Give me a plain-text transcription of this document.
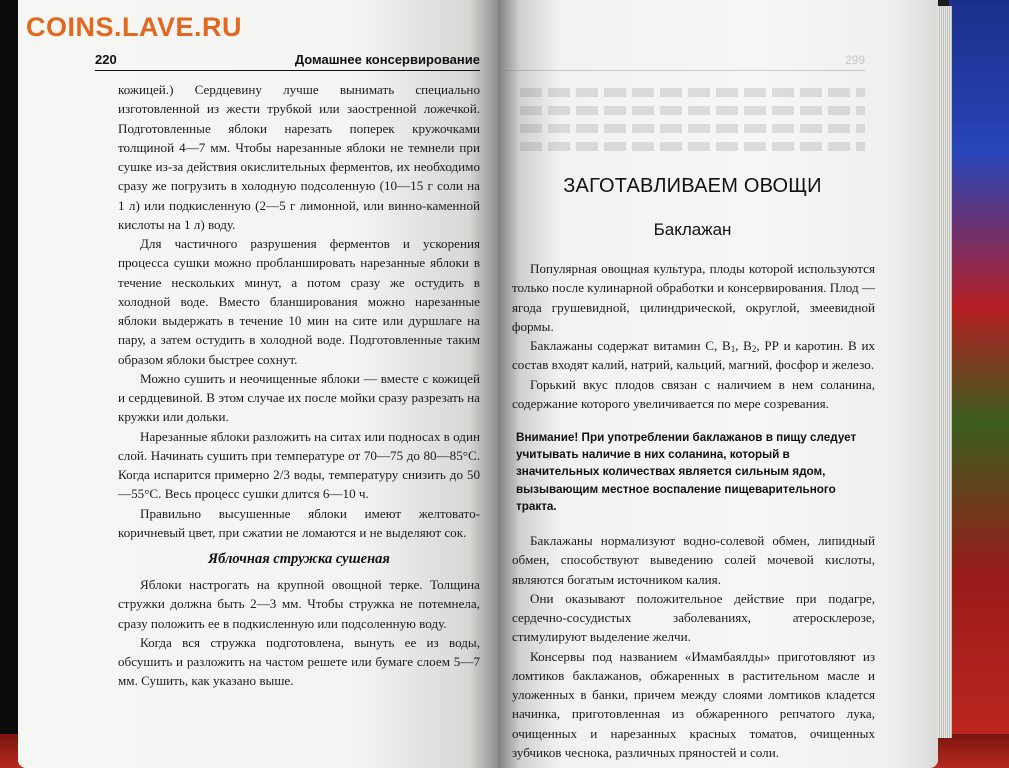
COINS.LAVE.RU
220	Домашнее консервирование

кожицей.) Сердцевину лучше вынимать специально изготовленной из жести трубкой или заостренной ложечкой. Подготовленные яблоки нарезать поперек кружочками толщиной 4—7 мм. Чтобы нарезанные яблоки не темнели при сушке из-за действия окислительных ферментов, их необходимо сразу же погрузить в холодную подсоленную (10—15 г соли на 1 л) или подкисленную (2—5 г лимонной, или винно-каменной кислоты на 1 л) воду.

Для частичного разрушения ферментов и ускорения процесса сушки можно пробланшировать нарезанные яблоки в течение нескольких минут, а потом сразу же остудить в холодной воде. Вместо бланширования можно нарезанные яблоки выдержать в течение 10 мин на сите или дуршлаге на пару, а затем остудить в холодной воде. Подготовленные таким образом яблоки быстрее сохнут.

Можно сушить и неочищенные яблоки — вместе с кожицей и сердцевиной. В этом случае их после мойки сразу разрезать на кружки или дольки.

Нарезанные яблоки разложить на ситах или подносах в один слой. Начинать сушить при температуре от 70—75 до 80—85°С. Когда испарится примерно 2/3 воды, температуру снизить до 50—55°С. Весь процесс сушки длится 6—10 ч.

Правильно высушенные яблоки имеют желтовато-коричневый цвет, при сжатии не ломаются и не выделяют сок.

Яблочная стружка сушеная

Яблоки настрогать на крупной овощной терке. Толщина стружки должна быть 2—3 мм. Чтобы стружка не потемнела, сразу положить ее в подкисленную или подсоленную воду.

Когда вся стружка подготовлена, вынуть ее из воды, обсушить и разложить на частом решете или бумаге слоем 5—7 мм. Сушить, как указано выше.

299
ЗАГОТАВЛИВАЕМ ОВОЩИ
Баклажан

Популярная овощная культура, плоды которой используются только после кулинарной обработки и консервирования. Плод — ягода грушевидной, цилиндрической, округлой, змеевидной формы.

Баклажаны содержат витамин С, $В_1$, $В_2$, РР и каротин. В их состав входят калий, натрий, кальций, магний, фосфор и железо.

Горький вкус плодов связан с наличием в нем соланина, содержание которого увеличивается по мере созревания.

Внимание! При употреблении баклажанов в пищу следует учитывать наличие в них соланина, который в значительных количествах является сильным ядом, вызывающим местное воспаление пищеварительного тракта.

Баклажаны нормализуют водно-солевой обмен, липидный обмен, способствуют выведению солей мочевой кислоты, являются богатым источником калия.

Они оказывают положительное действие при подагре, сердечно-сосудистых заболеваниях, атеросклерозе, стимулируют выделение желчи.

Консервы под названием «Имамбаялды» приготовляют из ломтиков баклажанов, обжаренных в растительном масле и уложенных в банки, причем между слоями ломтиков кладется начинка, приготовленная из обжаренного репчатого лука, очищенных и нарезанных красных томатов, очищенных зубчиков чеснока, различных пряностей и соли.
